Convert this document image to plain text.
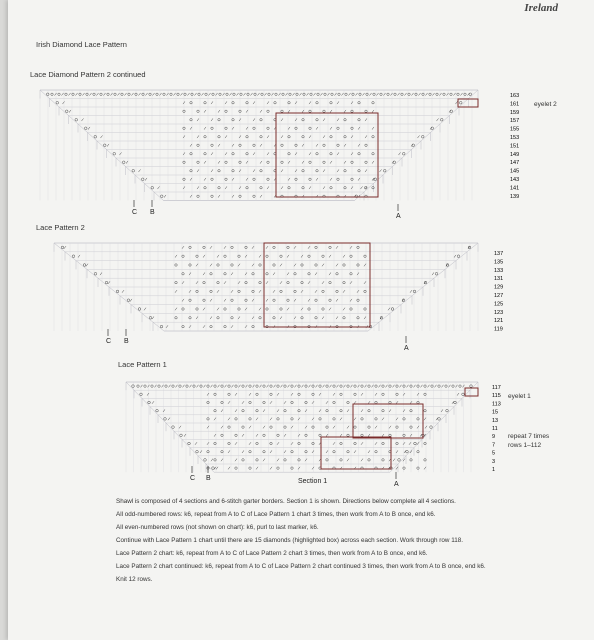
Ireland
Irish Diamond Lace Pattern
Lace Diamond Pattern 2 continued
163
161
159
157
155
153
151
149
147
145
143
141
139
eyelet 2
C B
A
Lace Pattern 2
137
135
133
131
129
127
125
123
121
119
C B
A
Lace Pattern 1
117
115
113
15
13
11
9
7
5
3
1
eyelet 1
repeat 7 times
rows 1–112
C B
A
Section 1
Shawl is composed of 4 sections and 6-stitch garter borders. Section 1 is shown. Directions below complete all 4 sections.
All odd-numbered rows: k6, repeat from A to C of Lace Pattern 1 chart 3 times, then work from A to B once, end k6.
All even-numbered rows (not shown on chart): k6, purl to last marker, k6.
Continue with Lace Pattern 1 chart until there are 15 diamonds (highlighted box) across each section. Work through row 118.
Lace Pattern 2 chart: k6, repeat from A to C of Lace Pattern 2 chart 3 times, then work from A to B once, end k6.
Lace Pattern 2 chart continued: k6, repeat from A to C of Lace Pattern 2 chart continued 3 times, then work from A to B once, end k6.
Knit 12 rows.
